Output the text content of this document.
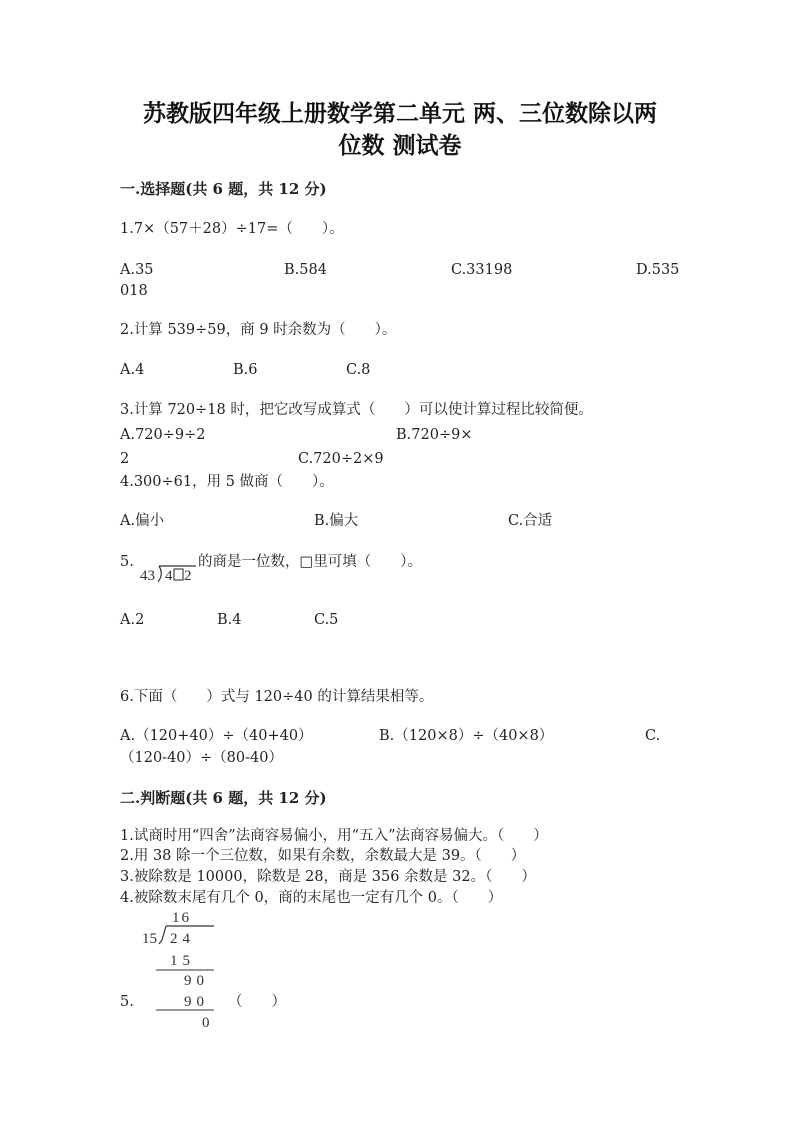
苏教版四年级上册数学第二单元 两、三位数除以两
位数 测试卷
一.选择题(共 6 题，共 12 分)
1.7×（57＋28）÷17=（　　）。
A.35	B.584	C.33198	D.535
018
2.计算 539÷59，商 9 时余数为（　　）。
A.4	B.6	C.8
3.计算 720÷18 时，把它改写成算式（　　）可以使计算过程比较简便。
A.720÷9÷2	B.720÷9×
2	C.720÷2×9
4.300÷61，用 5 做商（　　）。
A.偏小	B.偏大	C.合适
5.
43 4 2
的商是一位数，□里可填（　　）。
A.2	B.4	C.5
6.下面（　　）式与 120÷40 的计算结果相等。
A.（120+40）÷（40+40）	B.（120×8）÷（40×8）	C.
（120-40）÷（80-40）
二.判断题(共 6 题，共 12 分)
1.试商时用“四舍”法商容易偏小，用“五入”法商容易偏大。（　　）
2.用 38 除一个三位数，如果有余数，余数最大是 39。（　　）
3.被除数是 10000，除数是 28，商是 356 余数是 32。（　　）
4.被除数末尾有几个 0，商的末尾也一定有几个 0。（　　）
16
15 24
15
90
90
0
5.	（　　）
